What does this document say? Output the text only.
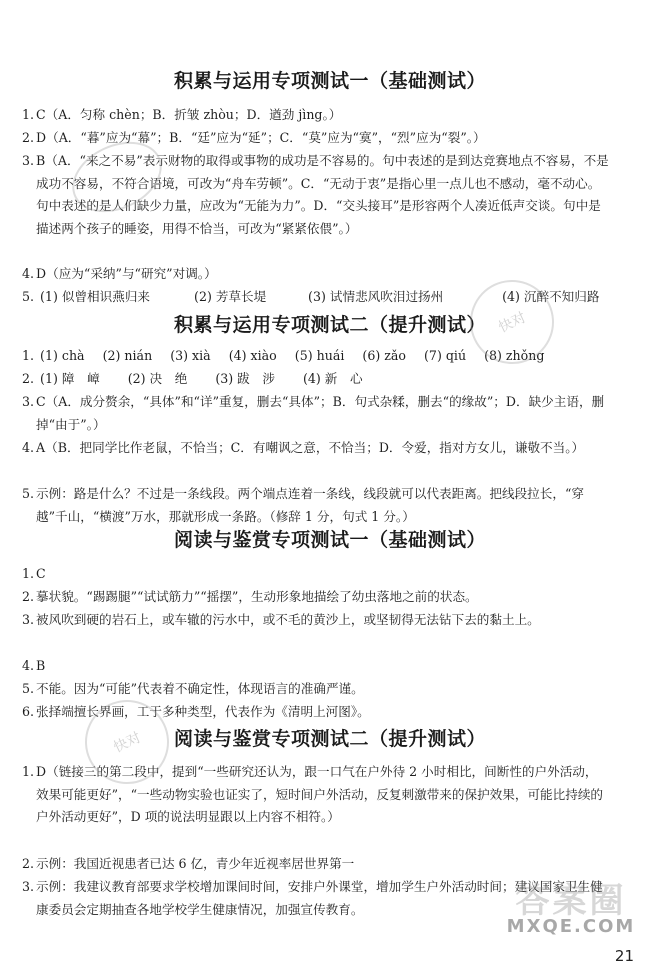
积累与运用专项测试一（基础测试）
1. C（A．匀称 chèn；B．折皱 zhòu；D．遒劲 jìng。）
2. D（A．“暮”应为“幕”；B．“廷”应为“延”；C．“莫”应为“寞”，“烈”应为“裂”。）
3. B（A．“来之不易”表示财物的取得或事物的成功是不容易的。句中表述的是到达竞赛地点不容易，不是成功不容易，不符合语境，可改为“舟车劳顿”。C．“无动于衷”是指心里一点儿也不感动，毫不动心。句中表述的是人们缺少力量，应改为“无能为力”。D．“交头接耳”是形容两个人凑近低声交谈。句中是描述两个孩子的睡姿，用得不恰当，可改为“紧紧依偎”。）
4. D（应为“采纳”与“研究”对调。）
5. (1) 似曾相识燕归来	(2) 芳草长堤	(3) 试情悲风吹泪过扬州	(4) 沉醉不知归路
积累与运用专项测试二（提升测试）
1. (1) chà (2) nián (3) xià (4) xiào (5) huái (6) zǎo (7) qiú (8) zhǒng
2. (1) 障　嶂 (2) 决　绝 (3) 跋　涉 (4) 新　心
3. C（A．成分赘余，“具体”和“详”重复，删去“具体”；B．句式杂糅，删去“的缘故”；D．缺少主语，删掉“由于”。）
4. A（B．把同学比作老鼠，不恰当；C．有嘲讽之意，不恰当；D．令爱，指对方女儿，谦敬不当。）
5. 示例：路是什么？不过是一条线段。两个端点连着一条线，线段就可以代表距离。把线段拉长，“穿越”千山，“横渡”万水，那就形成一条路。（修辞 1 分，句式 1 分。）
阅读与鉴赏专项测试一（基础测试）
1. C
2. 摹状貌。“踢踢腿”“试试筋力”“摇摆”，生动形象地描绘了幼虫落地之前的状态。
3. 被风吹到硬的岩石上，或车辙的污水中，或不毛的黄沙上，或坚韧得无法钻下去的黏土上。
4. B
5. 不能。因为“可能”代表着不确定性，体现语言的准确严谨。
6. 张择端擅长界画，工于多种类型，代表作为《清明上河图》。
阅读与鉴赏专项测试二（提升测试）
1. D（链接三的第二段中，提到“一些研究还认为，跟一口气在户外待 2 小时相比，间断性的户外活动，效果可能更好”，“一些动物实验也证实了，短时间户外活动，反复刺激带来的保护效果，可能比持续的户外活动更好”，D 项的说法明显跟以上内容不相符。）
2. 示例：我国近视患者已达 6 亿，青少年近视率居世界第一
3. 示例：我建议教育部要求学校增加课间时间，安排户外课堂，增加学生户外活动时间；建议国家卫生健康委员会定期抽查各地学校学生健康情况，加强宣传教育。
快对
快对
答案圈
MXQE.COM
21
